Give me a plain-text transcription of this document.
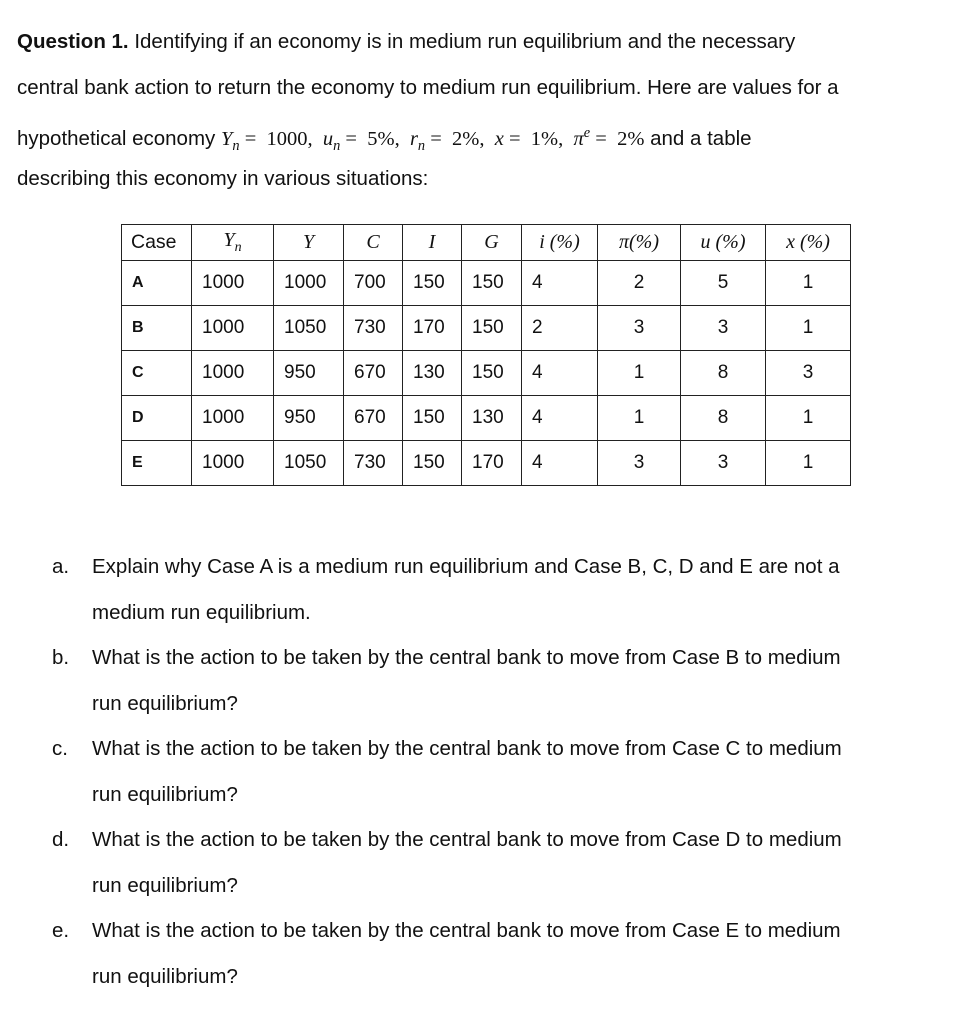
Question 1. Identifying if an economy is in medium run equilibrium and the necessary
central bank action to return the economy to medium run equilibrium. Here are values for a
hypothetical economy $Y_n = 1000$,  $u_n = 5\%$,  $r_n = 2\%$,  x =  1%,  $\pi^e = 2\%$ and a table
describing this economy in various situations:
Case	$Y_n$	Y	C	I	G	i (%)	π(%)	u (%)	x (%)
A	1000	1000	700	150	150	4	2	5	1
B	1000	1050	730	170	150	2	3	3	1
C	1000	950	670	130	150	4	1	8	3
D	1000	950	670	150	130	4	1	8	1
E	1000	1050	730	150	170	4	3	3	1
a.	Explain why Case A is a medium run equilibrium and Case B, C, D and E are not a
medium run equilibrium.
b.	What is the action to be taken by the central bank to move from Case B to medium
run equilibrium?
c.	What is the action to be taken by the central bank to move from Case C to medium
run equilibrium?
d.	What is the action to be taken by the central bank to move from Case D to medium
run equilibrium?
e.	What is the action to be taken by the central bank to move from Case E to medium
run equilibrium?
